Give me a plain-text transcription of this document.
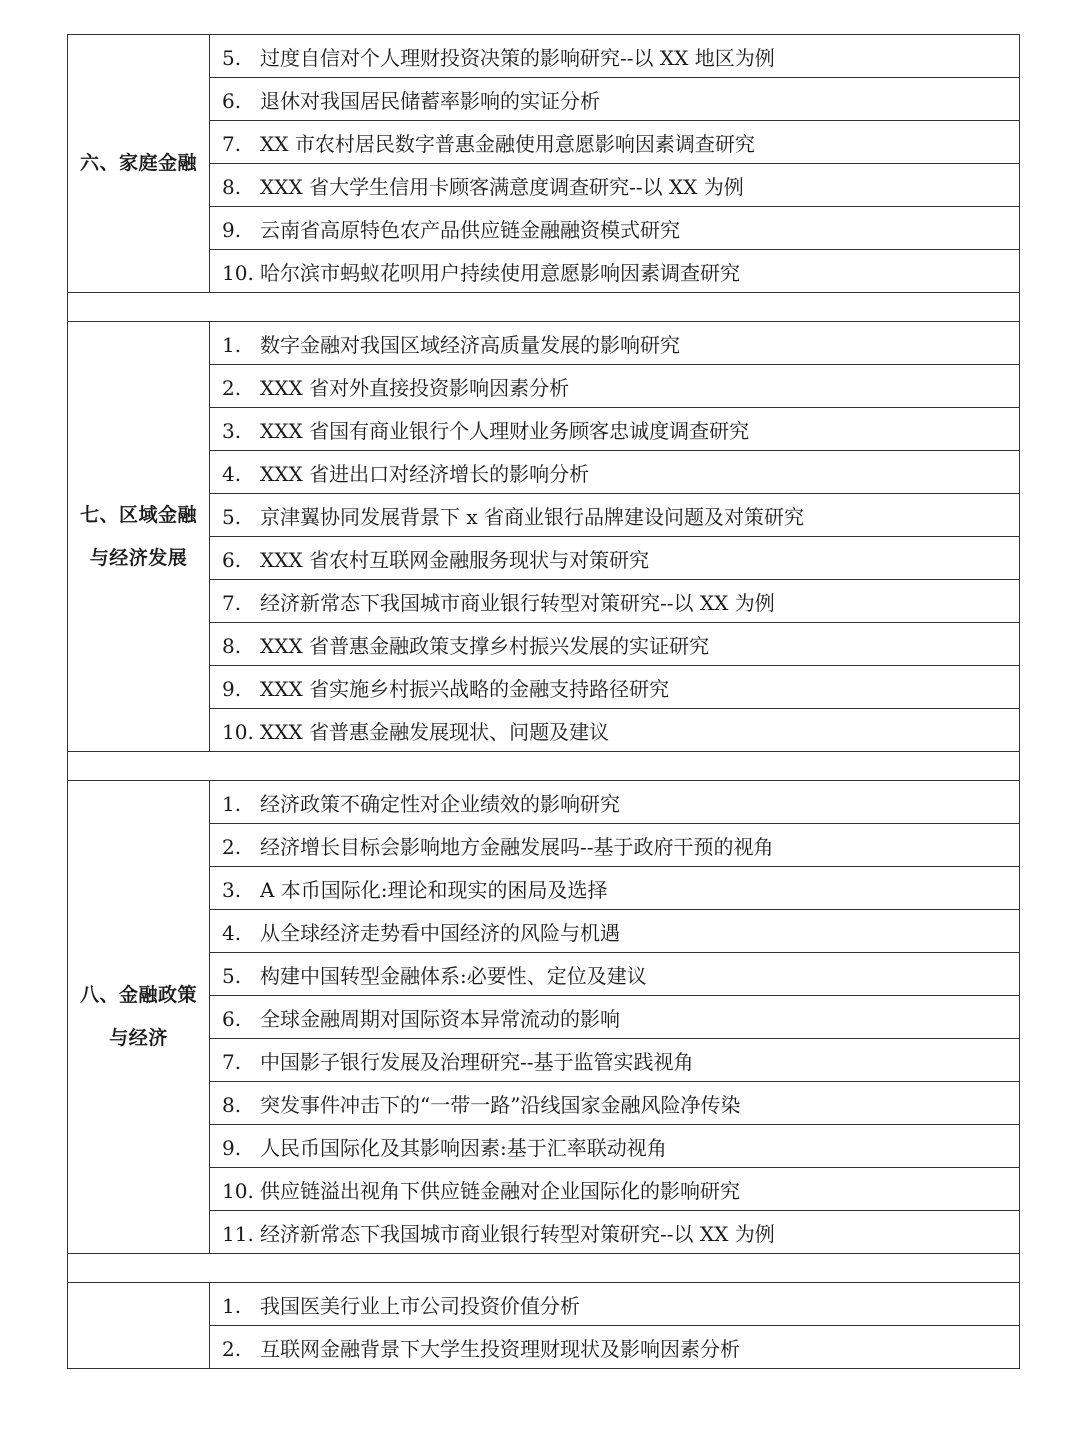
六、家庭金融	5. 过度自信对个人理财投资决策的影响研究--以 XX 地区为例
	6. 退休对我国居民储蓄率影响的实证分析
	7. XX 市农村居民数字普惠金融使用意愿影响因素调查研究
	8. XXX 省大学生信用卡顾客满意度调查研究--以 XX 为例
	9. 云南省高原特色农产品供应链金融融资模式研究
	10. 哈尔滨市蚂蚁花呗用户持续使用意愿影响因素调查研究

七、区域金融
与经济发展	1. 数字金融对我国区域经济高质量发展的影响研究
	2. XXX 省对外直接投资影响因素分析
	3. XXX 省国有商业银行个人理财业务顾客忠诚度调查研究
	4. XXX 省进出口对经济增长的影响分析
	5. 京津翼协同发展背景下 x 省商业银行品牌建设问题及对策研究
	6. XXX 省农村互联网金融服务现状与对策研究
	7. 经济新常态下我国城市商业银行转型对策研究--以 XX 为例
	8. XXX 省普惠金融政策支撑乡村振兴发展的实证研究
	9. XXX 省实施乡村振兴战略的金融支持路径研究
	10. XXX 省普惠金融发展现状、问题及建议

八、金融政策
与经济	1. 经济政策不确定性对企业绩效的影响研究
	2. 经济增长目标会影响地方金融发展吗--基于政府干预的视角
	3. A 本币国际化:理论和现实的困局及选择
	4. 从全球经济走势看中国经济的风险与机遇
	5. 构建中国转型金融体系:必要性、定位及建议
	6. 全球金融周期对国际资本异常流动的影响
	7. 中国影子银行发展及治理研究--基于监管实践视角
	8. 突发事件冲击下的“一带一路”沿线国家金融风险净传染
	9. 人民币国际化及其影响因素:基于汇率联动视角
	10. 供应链溢出视角下供应链金融对企业国际化的影响研究
	11. 经济新常态下我国城市商业银行转型对策研究--以 XX 为例

	1. 我国医美行业上市公司投资价值分析
	2. 互联网金融背景下大学生投资理财现状及影响因素分析
